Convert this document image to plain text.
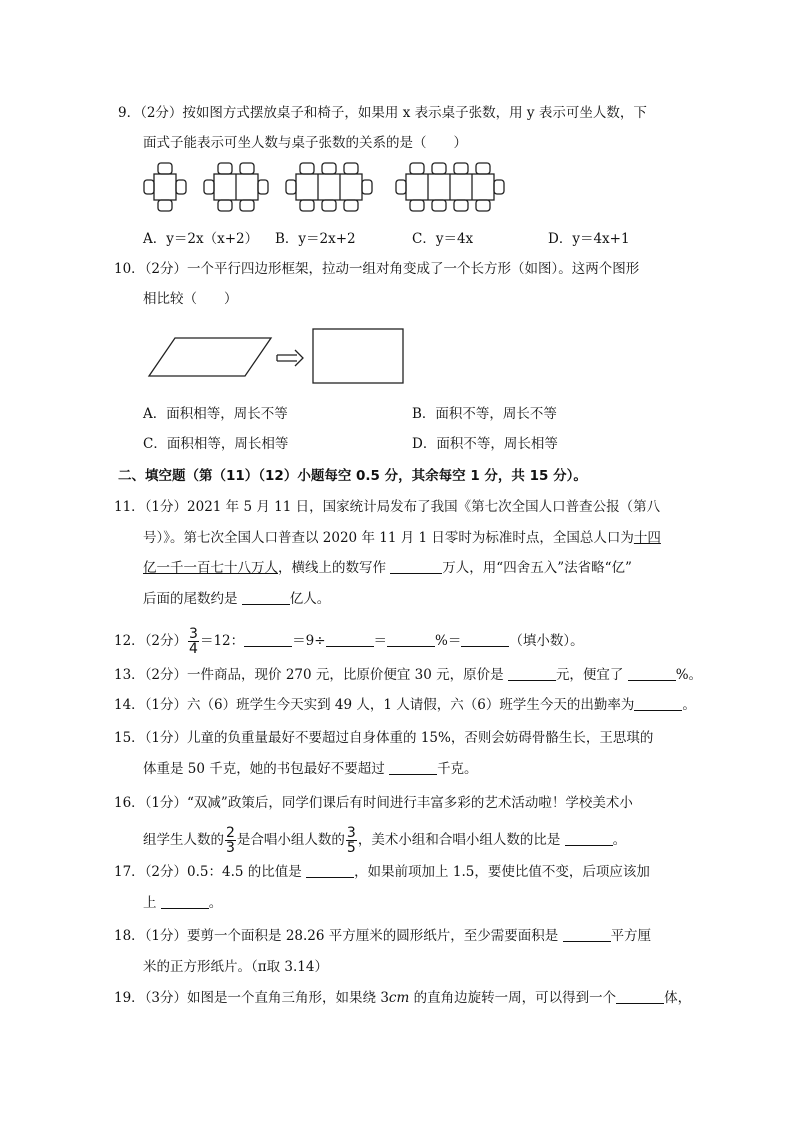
9．（2分）按如图方式摆放桌子和椅子，如果用 x 表示桌子张数，用 y 表示可坐人数，下
面式子能表示可坐人数与桌子张数的关系的是（　　）
A．y＝2x（x+2） B．y＝2x+2	C．y＝4x	D．y＝4x+1
10．（2分）一个平行四边形框架，拉动一组对角变成了一个长方形（如图）。这两个图形
相比较（　　）
A．面积相等，周长不等	B．面积不等，周长不等
C．面积相等，周长相等	D．面积不等，周长相等
二、填空题（第（11）（12）小题每空 0.5 分，其余每空 1 分，共 15 分）。
11．（1分）2021 年 5 月 11 日，国家统计局发布了我国《第七次全国人口普查公报（第八
号）》。第七次全国人口普查以 2020 年 11 月 1 日零时为标准时点，全国总人口为十四
亿一千一百七十八万人，横线上的数写作	万人，用“四舍五入”法省略“亿”
后面的尾数约是	亿人。
12．（2分） $\frac{3}{4} =12$：	＝9÷	＝	%＝	（填小数）。
13．（2分）一件商品，现价 270 元，比原价便宜 30 元，原价是	元，便宜了	%。
14．（1分）六（6）班学生今天实到 49 人，1 人请假，六（6）班学生今天的出勤率为	。
15．（1分）儿童的负重量最好不要超过自身体重的 15%，否则会妨碍骨骼生长，王思琪的
体重是 50 千克，她的书包最好不要超过	千克。
16．（1分）“双减”政策后，同学们课后有时间进行丰富多彩的艺术活动啦！学校美术小
组学生人数的 $\frac{2}{3}$ 是合唱小组人数的 $\frac{3}{5}$ ，美术小组和合唱小组人数的比是	。
17．（2分）0.5：4.5 的比值是	，如果前项加上 1.5，要使比值不变，后项应该加
上	。
18．（1分）要剪一个面积是 28.26 平方厘米的圆形纸片，至少需要面积是	平方厘
米的正方形纸片。（π取 3.14）
19．（3分）如图是一个直角三角形，如果绕 3cm 的直角边旋转一周，可以得到一个	体，
